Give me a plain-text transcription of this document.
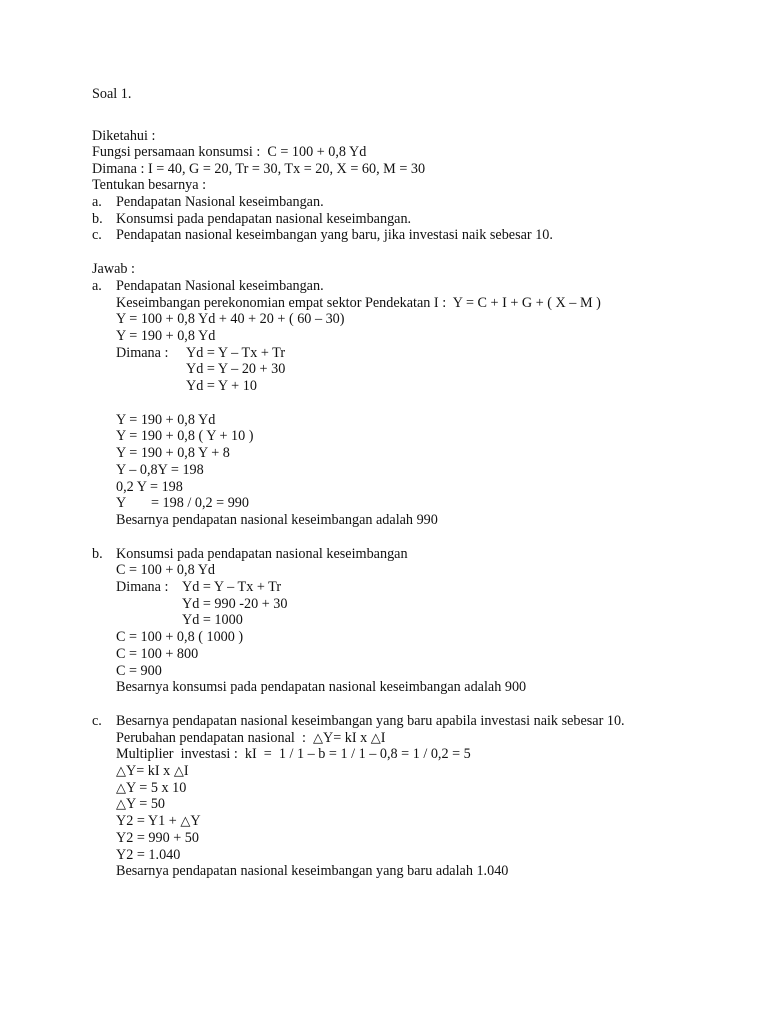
Soal 1.
Diketahui :
Fungsi persamaan konsumsi :  C = 100 + 0,8 Yd
Dimana : I = 40, G = 20, Tr = 30, Tx = 20, X = 60, M = 30
Tentukan besarnya :
a. Pendapatan Nasional keseimbangan.
b. Konsumsi pada pendapatan nasional keseimbangan.
c. Pendapatan nasional keseimbangan yang baru, jika investasi naik sebesar 10.
Jawab :
a. Pendapatan Nasional keseimbangan.
Keseimbangan perekonomian empat sektor Pendekatan I :  Y = C + I + G + ( X – M )
Y = 100 + 0,8 Yd + 40 + 20 + ( 60 – 30)
Y = 190 + 0,8 Yd
Dimana : Yd = Y – Tx + Tr
Yd = Y – 20 + 30
Yd = Y + 10
Y = 190 + 0,8 Yd
Y = 190 + 0,8 ( Y + 10 )
Y = 190 + 0,8 Y + 8
Y – 0,8Y = 198
0,2 Y = 198
Y = 198 / 0,2 = 990
Besarnya pendapatan nasional keseimbangan adalah 990
b. Konsumsi pada pendapatan nasional keseimbangan
C = 100 + 0,8 Yd
Dimana : Yd = Y – Tx + Tr
Yd = 990 -20 + 30
Yd = 1000
C = 100 + 0,8 ( 1000 )
C = 100 + 800
C = 900
Besarnya konsumsi pada pendapatan nasional keseimbangan adalah 900
c. Besarnya pendapatan nasional keseimbangan yang baru apabila investasi naik sebesar 10.
Perubahan pendapatan nasional  :  △Y= kI x △I
Multiplier  investasi :  kI  =  1 / 1 – b = 1 / 1 – 0,8 = 1 / 0,2 = 5
△Y= kI x △I
△Y = 5 x 10
△Y = 50
Y2 = Y1 + △Y
Y2 = 990 + 50
Y2 = 1.040
Besarnya pendapatan nasional keseimbangan yang baru adalah 1.040
